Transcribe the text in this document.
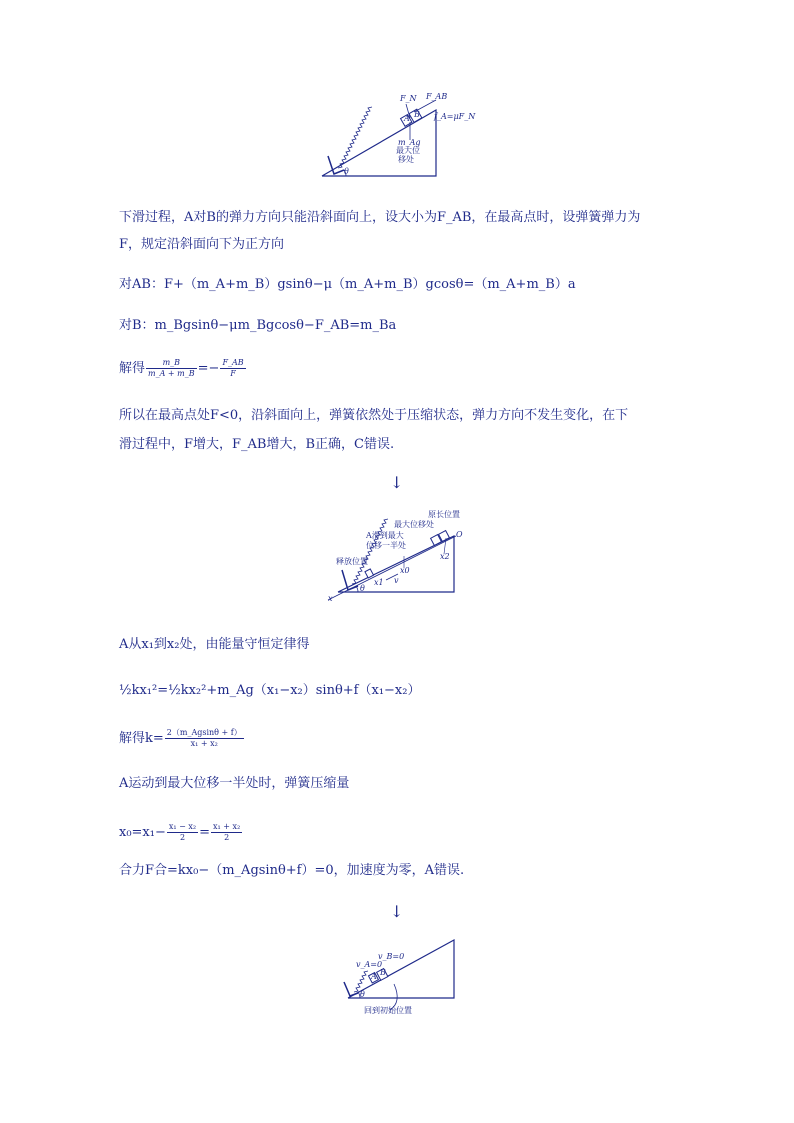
F_N F_AB
f_A=μF_N
A B
m_Ag
最大位
移处
θ
下滑过程，A对B的弹力方向只能沿斜面向上，设大小为F_AB，在最高点时，设弹簧弹力为
F，规定沿斜面向下为正方向
对AB：F+（m_A+m_B）gsinθ−μ（m_A+m_B）gcosθ=（m_A+m_B）a
对B：m_Bgsinθ−μm_Bgcosθ−F_AB=m_Ba
解得 $\frac{m\_B}{m\_A + m\_B} =- \frac{F\_AB}{F}$
所以在最高点处F<0，沿斜面向上，弹簧依然处于压缩状态，弹力方向不发生变化，在下
滑过程中，F增大，F_AB增大，B正确，C错误.
↓
原长位置
最大位移处
A滑到最大
位移一半处
释放位置
O
x2
x0
x1 v
θ
x
A从x₁到x₂处，由能量守恒定律得
½kx₁²=½kx₂²+m_Ag（x₁−x₂）sinθ+f（x₁−x₂）
解得$k= \frac{2(m\_Agsin\theta + f)}{\text{x₁ + x₂}}$
A运动到最大位移一半处时，弹簧压缩量
$x_0=x_1- \frac{\text{x₁ − x₂}}{2} = \frac{\text{x₁ + x₂}}{2}$
合力F合=kx₀−（m_Agsinθ+f）=0，加速度为零，A错误.
↓
v_A=0
v_B=0
A B
θ
回到初始位置
